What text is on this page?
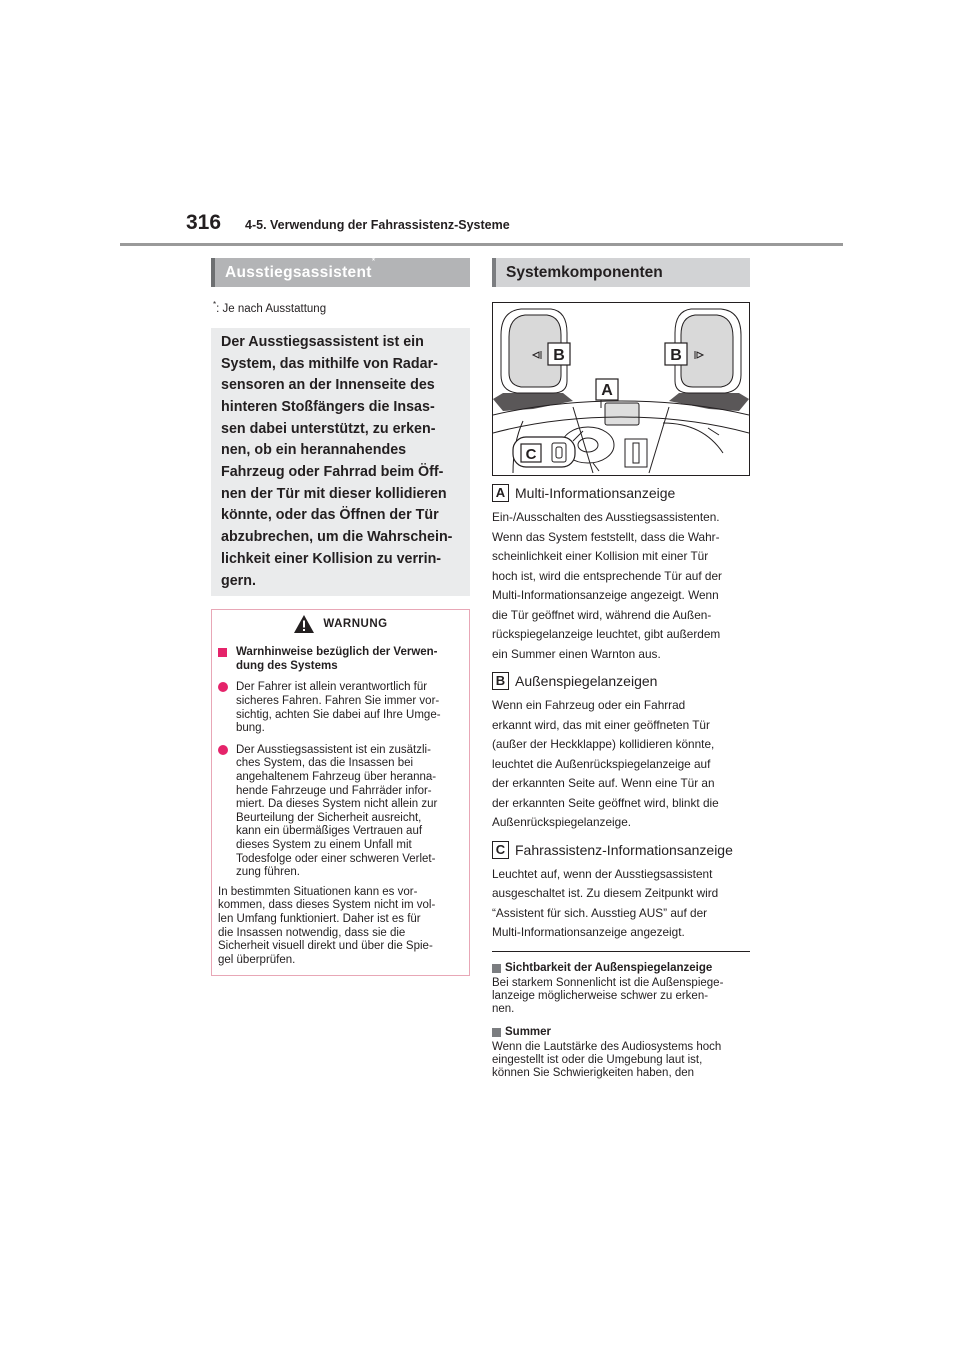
316 4-5. Verwendung der Fahrassistenz-Systeme
Ausstiegsassistent*
*: Je nach Ausstattung

Der Ausstiegsassistent ist ein

System, das mithilfe von Radar-

sensoren an der Innenseite des

hinteren Stoßfängers die Insas-

sen dabei unterstützt, zu erken-

nen, ob ein herannahendes

Fahrzeug oder Fahrrad beim Öff-

nen der Tür mit dieser kollidieren

könnte, oder das Öffnen der Tür

abzubrechen, um die Wahrschein-

lichkeit einer Kollision zu verrin-

gern.

WARNUNG
Warnhinweise bezüglich der Verwen-
dung des Systems
Der Fahrer ist allein verantwortlich für
sicheres Fahren. Fahren Sie immer vor-
sichtig, achten Sie dabei auf Ihre Umge-
bung.
Der Ausstiegsassistent ist ein zusätzli-
ches System, das die Insassen bei
angehaltenem Fahrzeug über heranna-
hende Fahrzeuge und Fahrräder infor-
miert. Da dieses System nicht allein zur
Beurteilung der Sicherheit ausreicht,
kann ein übermäßiges Vertrauen auf
dieses System zu einem Unfall mit
Todesfolge oder einer schweren Verlet-
zung führen.
In bestimmten Situationen kann es vor-
kommen, dass dieses System nicht im vol-
len Umfang funktioniert. Daher ist es für
die Insassen notwendig, dass sie die
Sicherheit visuell direkt und über die Spie-
gel überprüfen.
Systemkomponenten
B	B
A
C
A Multi-Informationsanzeige
Ein-/Ausschalten des Ausstiegsassistenten.
Wenn das System feststellt, dass die Wahr-
scheinlichkeit einer Kollision mit einer Tür
hoch ist, wird die entsprechende Tür auf der
Multi-Informationsanzeige angezeigt. Wenn
die Tür geöffnet wird, während die Außen-
rückspiegelanzeige leuchtet, gibt außerdem
ein Summer einen Warnton aus.
B Außenspiegelanzeigen
Wenn ein Fahrzeug oder ein Fahrrad
erkannt wird, das mit einer geöffneten Tür
(außer der Heckklappe) kollidieren könnte,
leuchtet die Außenrückspiegelanzeige auf
der erkannten Seite auf. Wenn eine Tür an
der erkannten Seite geöffnet wird, blinkt die
Außenrückspiegelanzeige.
C Fahrassistenz-Informationsanzeige
Leuchtet auf, wenn der Ausstiegsassistent
ausgeschaltet ist. Zu diesem Zeitpunkt wird
“Assistent für sich. Ausstieg AUS” auf der
Multi-Informationsanzeige angezeigt.
Sichtbarkeit der Außenspiegelanzeige
Bei starkem Sonnenlicht ist die Außenspiege-
lanzeige möglicherweise schwer zu erken-
nen.
Summer
Wenn die Lautstärke des Audiosystems hoch
eingestellt ist oder die Umgebung laut ist,
können Sie Schwierigkeiten haben, den
